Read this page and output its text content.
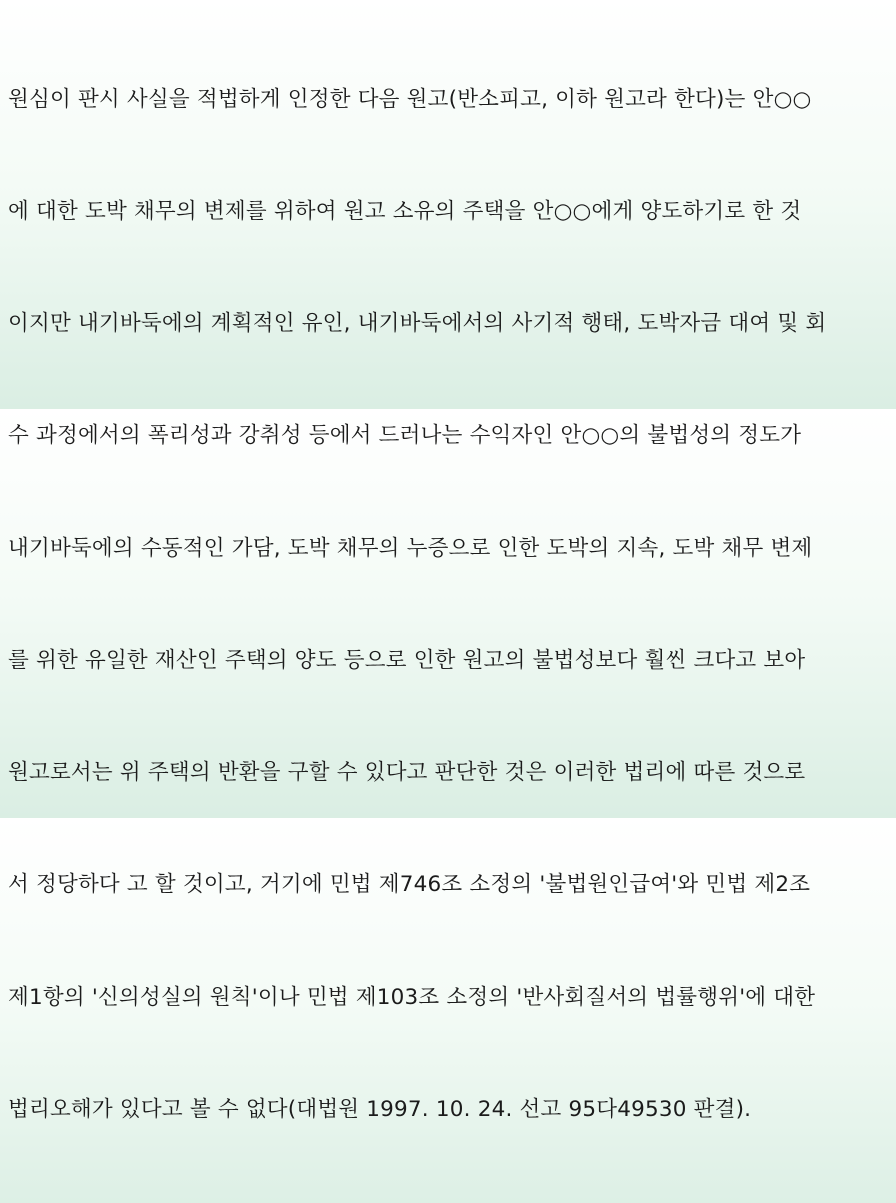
원심이 판시 사실을 적법하게 인정한 다음 원고(반소피고, 이하 원고라 한다)는 안○○

에 대한 도박 채무의 변제를 위하여 원고 소유의 주택을 안○○에게 양도하기로 한 것

이지만 내기바둑에의 계획적인 유인, 내기바둑에서의 사기적 행태, 도박자금 대여 및 회

수 과정에서의 폭리성과 강취성 등에서 드러나는 수익자인 안○○의 불법성의 정도가

내기바둑에의 수동적인 가담, 도박 채무의 누증으로 인한 도박의 지속, 도박 채무 변제

를 위한 유일한 재산인 주택의 양도 등으로 인한 원고의 불법성보다 훨씬 크다고 보아

원고로서는 위 주택의 반환을 구할 수 있다고 판단한 것은 이러한 법리에 따른 것으로

서 정당하다 고 할 것이고, 거기에 민법 제746조 소정의 '불법원인급여'와 민법 제2조

제1항의 '신의성실의 원칙'이나 민법 제103조 소정의 '반사회질서의 법률행위'에 대한

법리오해가 있다고 볼 수 없다(대법원 1997. 10. 24. 선고 95다49530 판결).
